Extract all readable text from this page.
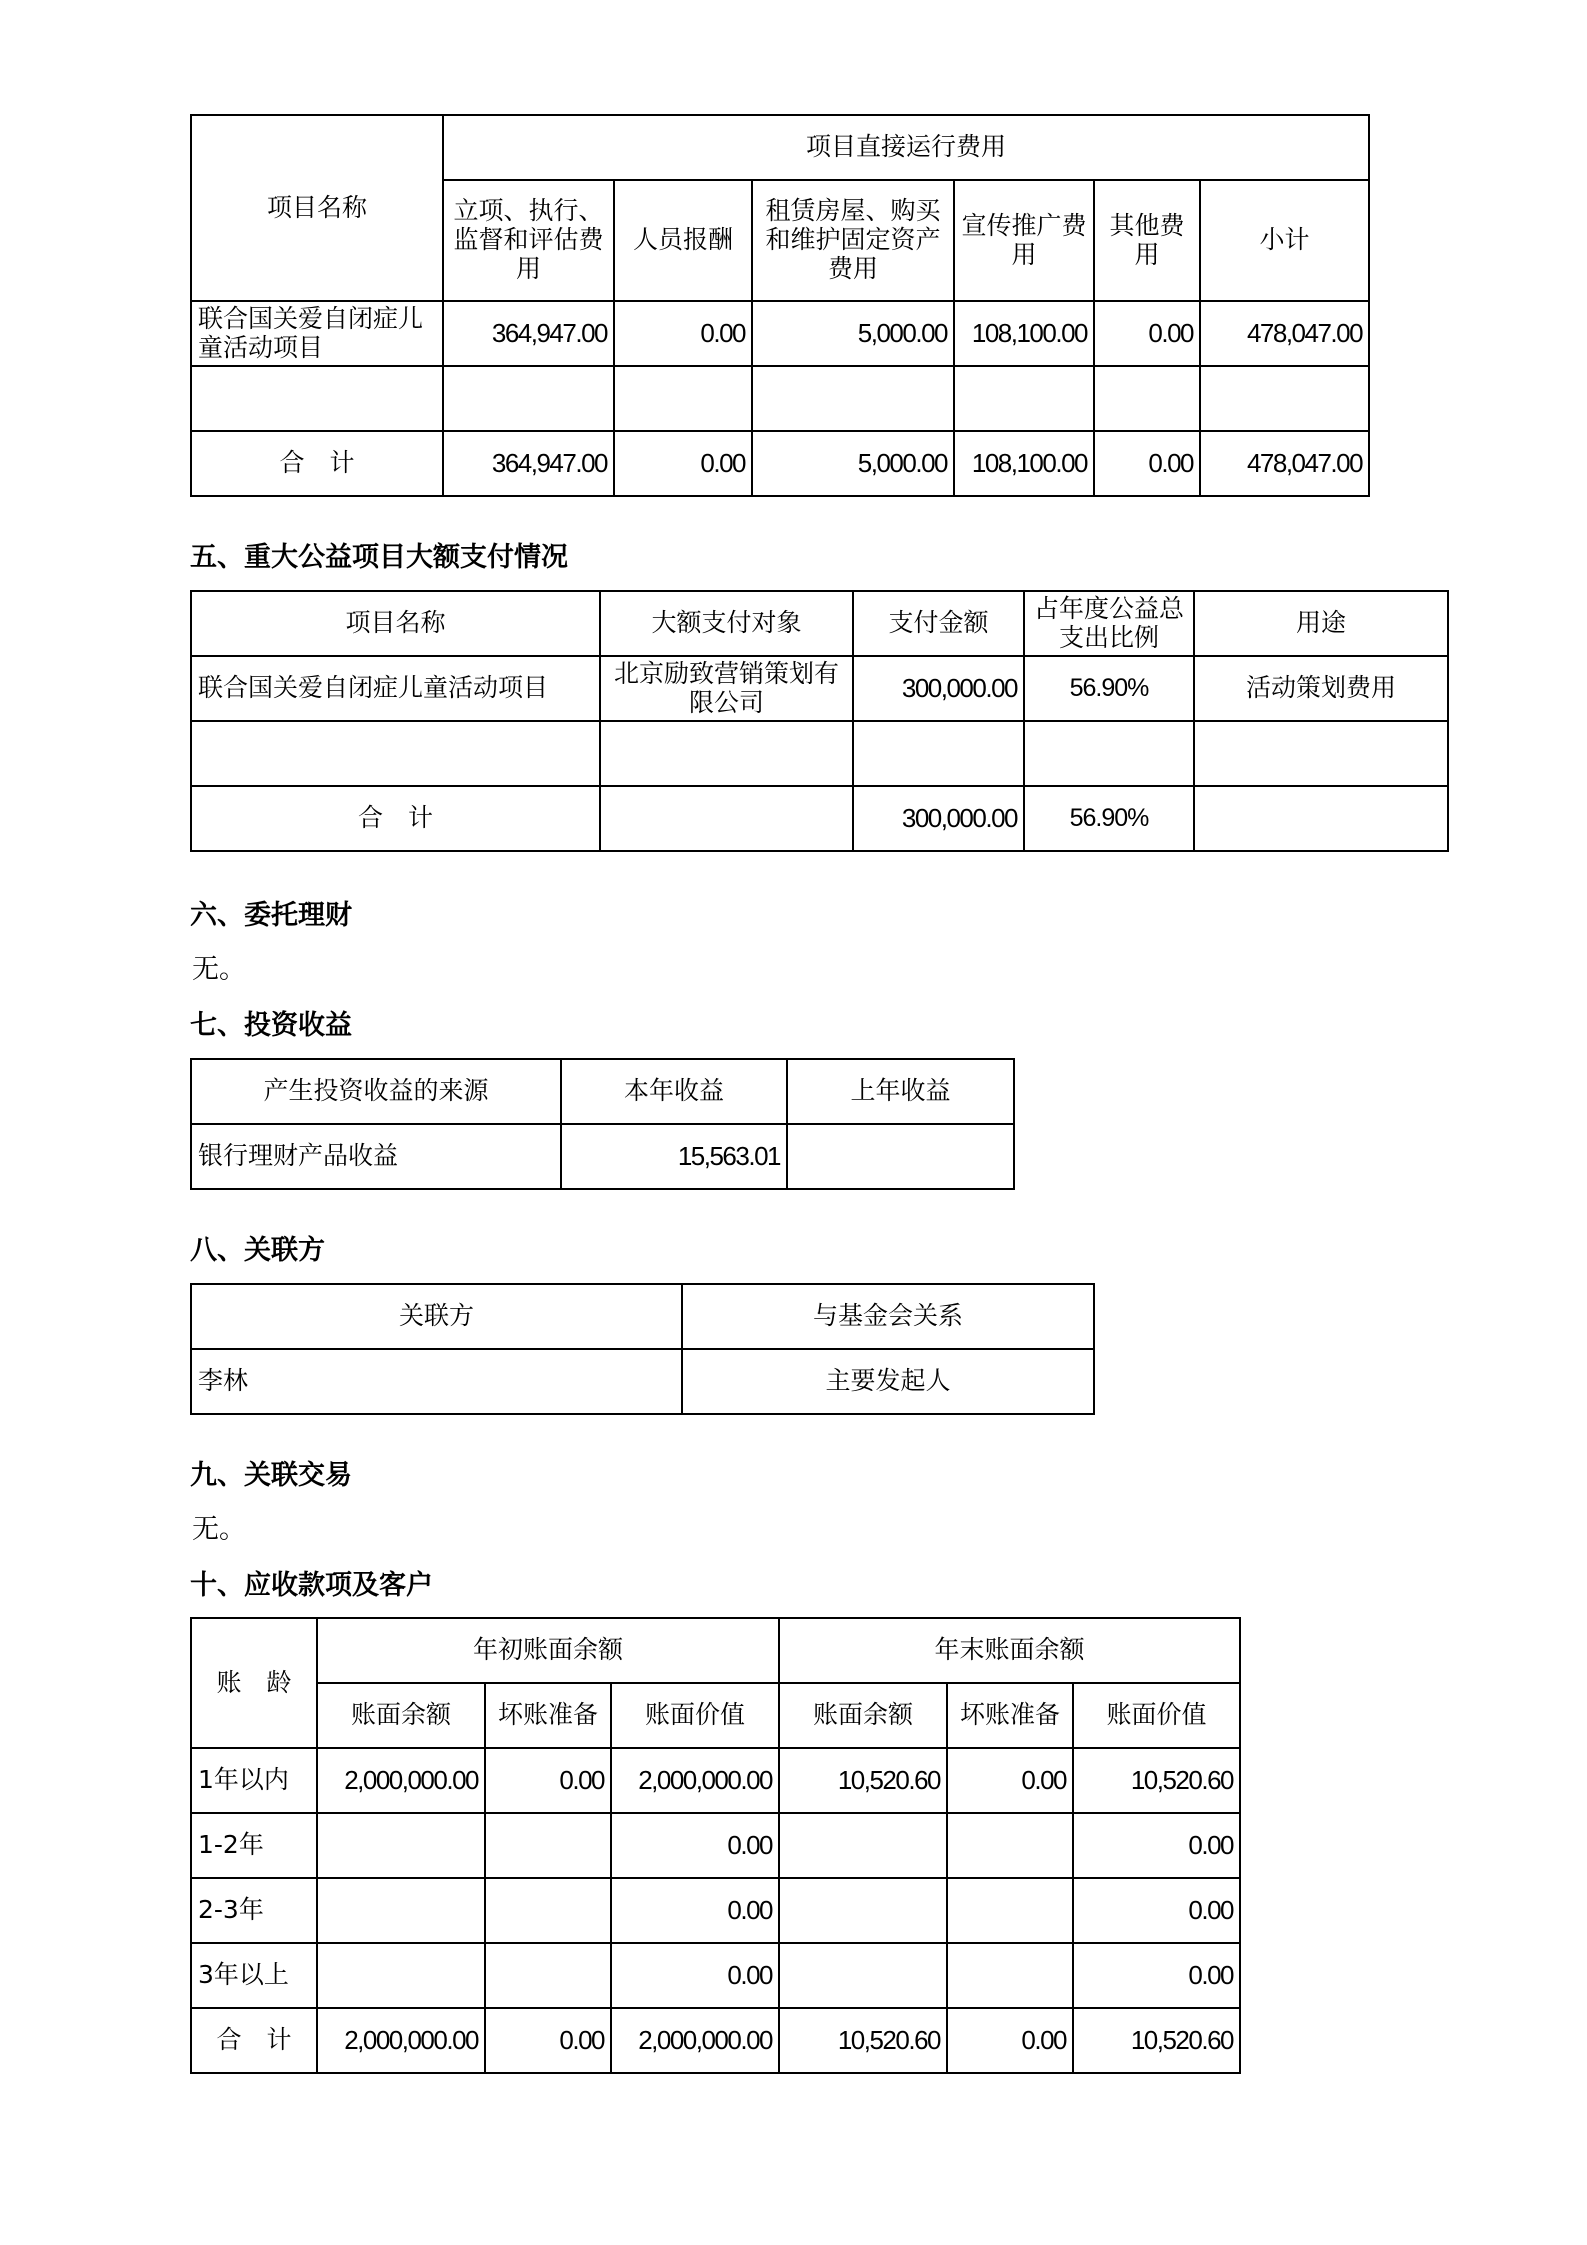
项目名称	项目直接运行费用					
	立项、执行、监督和评估费用	人员报酬	租赁房屋、购买和维护固定资产费用	宣传推广费用	其他费用	小计
联合国关爱自闭症儿童活动项目	364,947.00	0.00	5,000.00	108,100.00	0.00	478,047.00

合　计	364,947.00	0.00	5,000.00	108,100.00	0.00	478,047.00
五、重大公益项目大额支付情况
项目名称	大额支付对象	支付金额	占年度公益总支出比例	用途
联合国关爱自闭症儿童活动项目	北京励致营销策划有限公司	300,000.00	56.90%	活动策划费用

合　计		300,000.00	56.90%	
六、委托理财
无。
七、投资收益
产生投资收益的来源	本年收益	上年收益
银行理财产品收益	15,563.01	
八、关联方
关联方	与基金会关系
李林	主要发起人
九、关联交易
无。
十、应收款项及客户
账　龄	年初账面余额			年末账面余额		
	账面余额	坏账准备	账面价值	账面余额	坏账准备	账面价值
1年以内	2,000,000.00	0.00	2,000,000.00	10,520.60	0.00	10,520.60
1-2年			0.00			0.00
2-3年			0.00			0.00
3年以上			0.00			0.00
合　计	2,000,000.00	0.00	2,000,000.00	10,520.60	0.00	10,520.60
